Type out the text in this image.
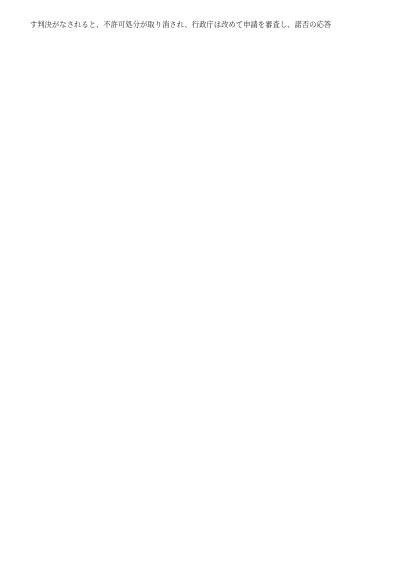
す判決がなされると、不許可処分が取り消され、行政庁は改めて申請を審査し、諾否の応答
